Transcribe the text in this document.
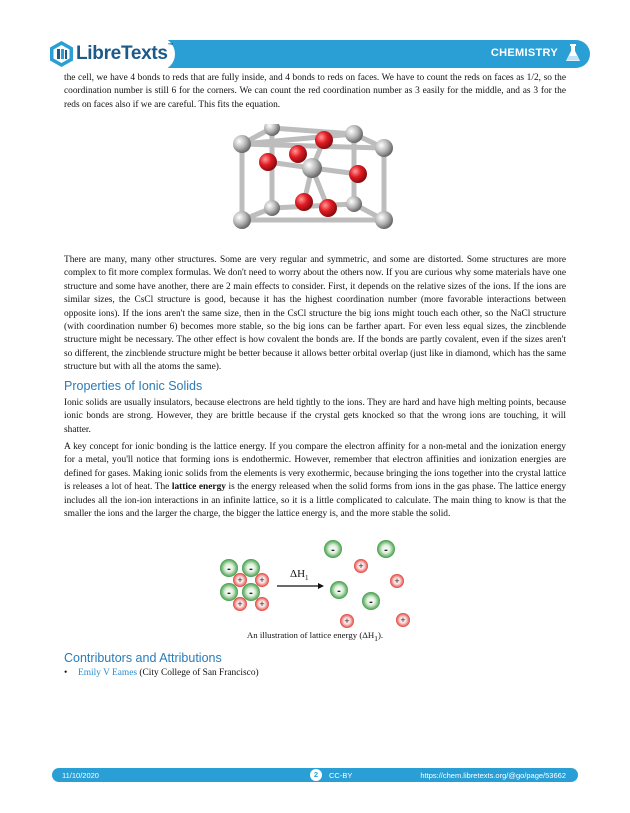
LibreTexts™
CHEMISTRY
the cell, we have 4 bonds to reds that are fully inside, and 4 bonds to reds on faces. We have to count the reds on faces as 1/2, so the coordination number is still 6 for the corners. We can count the red coordination number as 3 easily for the middle, and as 3 for the reds on faces also if we are careful. This fits the equation.
There are many, many other structures. Some are very regular and symmetric, and some are distorted. Some structures are more complex to fit more complex formulas. We don't need to worry about the others now. If you are curious why some materials have one structure and some have another, there are 2 main effects to consider. First, it depends on the relative sizes of the ions. If the ions are similar sizes, the CsCl structure is good, because it has the highest coordination number (more favorable interactions between opposite ions). If the ions aren't the same size, then in the CsCl structure the big ions might touch each other, so the NaCl structure (with coordination number 6) becomes more stable, so the big ions can be farther apart. For even less equal sizes, the zincblende structure might be necessary. The other effect is how covalent the bonds are. If the bonds are partly covalent, even if the sizes aren't so different, the zincblende structure might be better because it allows better orbital overlap (just like in diamond, which has the same structure but with all the atoms the same).
Properties of Ionic Solids
Ionic solids are usually insulators, because electrons are held tightly to the ions. They are hard and have high melting points, because ionic bonds are strong. However, they are brittle because if the crystal gets knocked so that the wrong ions are touching, it will shatter.
A key concept for ionic bonding is the lattice energy. If you compare the electron affinity for a non-metal and the ionization energy for a metal, you'll notice that forming ions is endothermic. However, remember that electron affinities and ionization energies are defined for gases. Making ionic solids from the elements is very exothermic, because bringing the ions together into the crystal lattice is releases a lot of heat. The lattice energy is the energy released when the solid forms from ions in the gas phase. The lattice energy includes all the ion-ion interactions in an infinite lattice, so it is a little complicated to calculate. The main thing to know is that the smaller the ions and the larger the charge, the bigger the lattice energy is, and the more stable the solid.
- -
- -
+ +
+ +
$\Delta H_1$
-	-
-
-
+
+
+	+
An illustration of lattice energy $(\Delta H_1)$.
Contributors and Attributions
• Emily V Eames (City College of San Francisco)
11/10/2020	2	CC-BY	https://chem.libretexts.org/@go/page/53662
